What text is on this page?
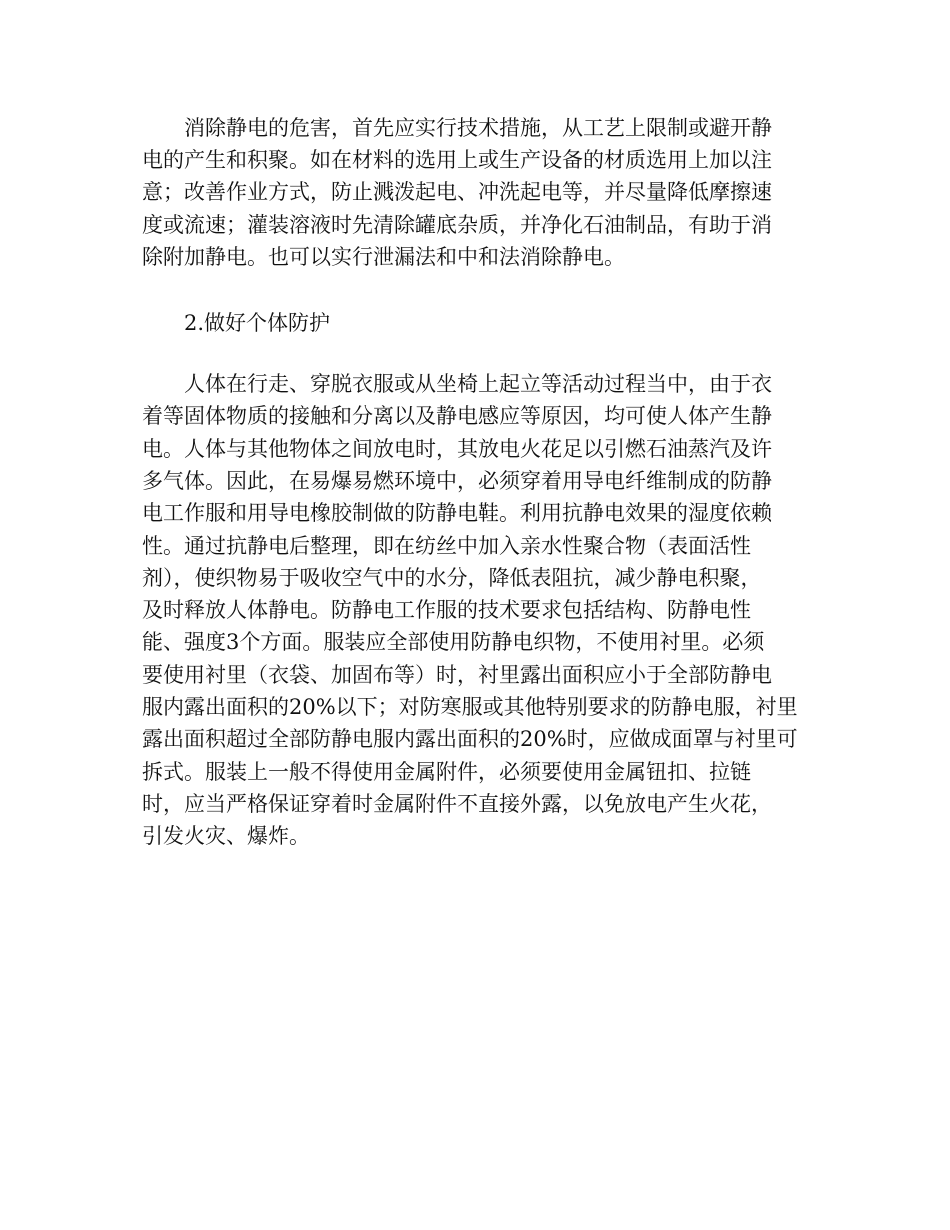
消除静电的危害，首先应实行技术措施，从工艺上限制或避开静
电的产生和积聚。如在材料的选用上或生产设备的材质选用上加以注
意；改善作业方式，防止溅泼起电、冲洗起电等，并尽量降低摩擦速
度或流速；灌装溶液时先清除罐底杂质，并净化石油制品，有助于消
除附加静电。也可以实行泄漏法和中和法消除静电。
2.做好个体防护
人体在行走、穿脱衣服或从坐椅上起立等活动过程当中，由于衣
着等固体物质的接触和分离以及静电感应等原因，均可使人体产生静
电。人体与其他物体之间放电时，其放电火花足以引燃石油蒸汽及许
多气体。因此，在易爆易燃环境中，必须穿着用导电纤维制成的防静
电工作服和用导电橡胶制做的防静电鞋。利用抗静电效果的湿度依赖
性。通过抗静电后整理，即在纺丝中加入亲水性聚合物（表面活性
剂），使织物易于吸收空气中的水分，降低表阻抗，减少静电积聚，
及时释放人体静电。防静电工作服的技术要求包括结构、防静电性
能、强度3个方面。服装应全部使用防静电织物，不使用衬里。必须
要使用衬里（衣袋、加固布等）时，衬里露出面积应小于全部防静电
服内露出面积的20%以下；对防寒服或其他特别要求的防静电服，衬里
露出面积超过全部防静电服内露出面积的20%时，应做成面罩与衬里可
拆式。服装上一般不得使用金属附件，必须要使用金属钮扣、拉链
时，应当严格保证穿着时金属附件不直接外露，以免放电产生火花，
引发火灾、爆炸。
